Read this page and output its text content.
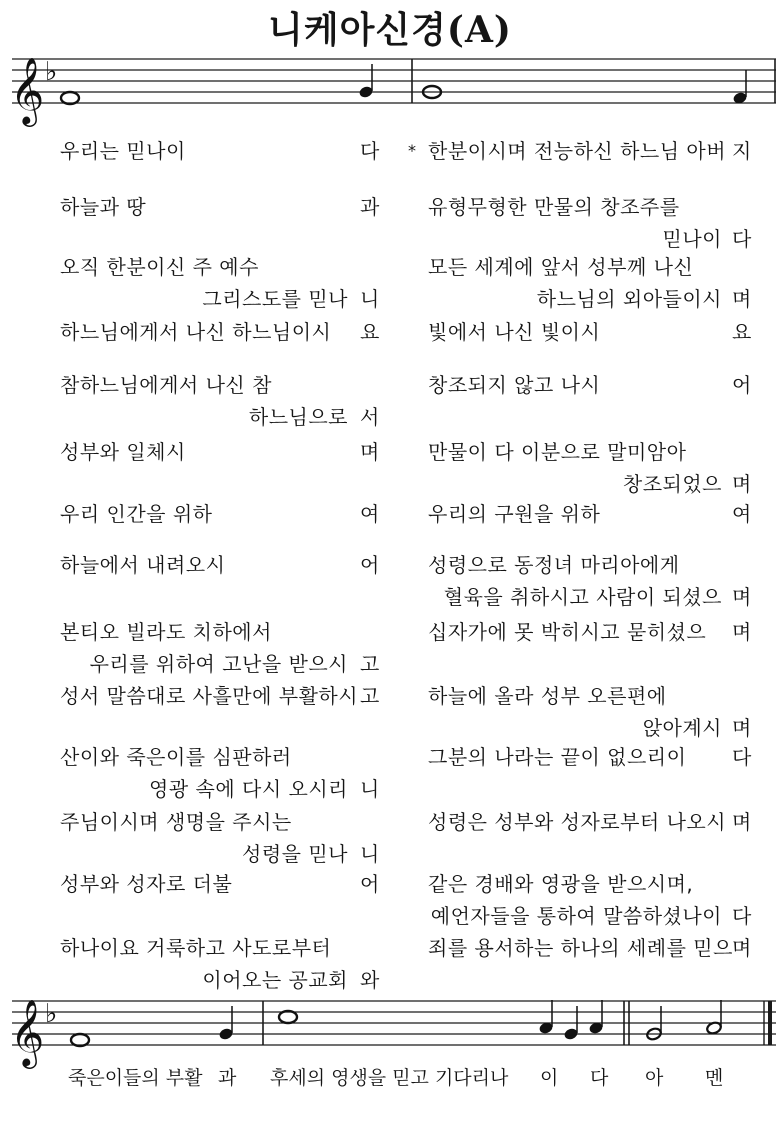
니케아신경(A)
𝄞 ♭
우리는 믿나이	다 * 한분이시며 전능하신 하느님 아버 지
하늘과 땅	과 유형무형한 만물의 창조주를
믿나이 다
오직 한분이신 주 예수
그리스도를 믿나 니
모든 세계에 앞서 성부께 나신
하느님의 외아들이시 며
하느님에게서 나신 하느님이시 요 빛에서 나신 빛이시	요
참하느님에게서 나신 참
하느님으로 서
창조되지 않고 나시	어
성부와 일체시	며 만물이 다 이분으로 말미암아
창조되었으 며
우리 인간을 위하	여 우리의 구원을 위하	여
하늘에서 내려오시	어 성령으로 동정녀 마리아에게
혈육을 취하시고 사람이 되셨으 며
본티오 빌라도 치하에서
우리를 위하여 고난을 받으시 고
십자가에 못 박히시고 묻히셨으 며
성서 말씀대로 사흘만에 부활하시 고 하늘에 올라 성부 오른편에
앉아계시 며
산이와 죽은이를 심판하러
영광 속에 다시 오시리 니
그분의 나라는 끝이 없으리이 다
주님이시며 생명을 주시는
성령을 믿나 니
성령은 성부와 성자로부터 나오시 며
성부와 성자로 더불	어 같은 경배와 영광을 받으시며,
예언자들을 통하여 말씀하셨나이 다
하나이요 거룩하고 사도로부터
이어오는 공교회 와
죄를 용서하는 하나의 세례를 믿으 며
𝄞 ♭
죽은이들의 부활 과 후세의 영생을 믿고 기다리나 이 다 아 멘
